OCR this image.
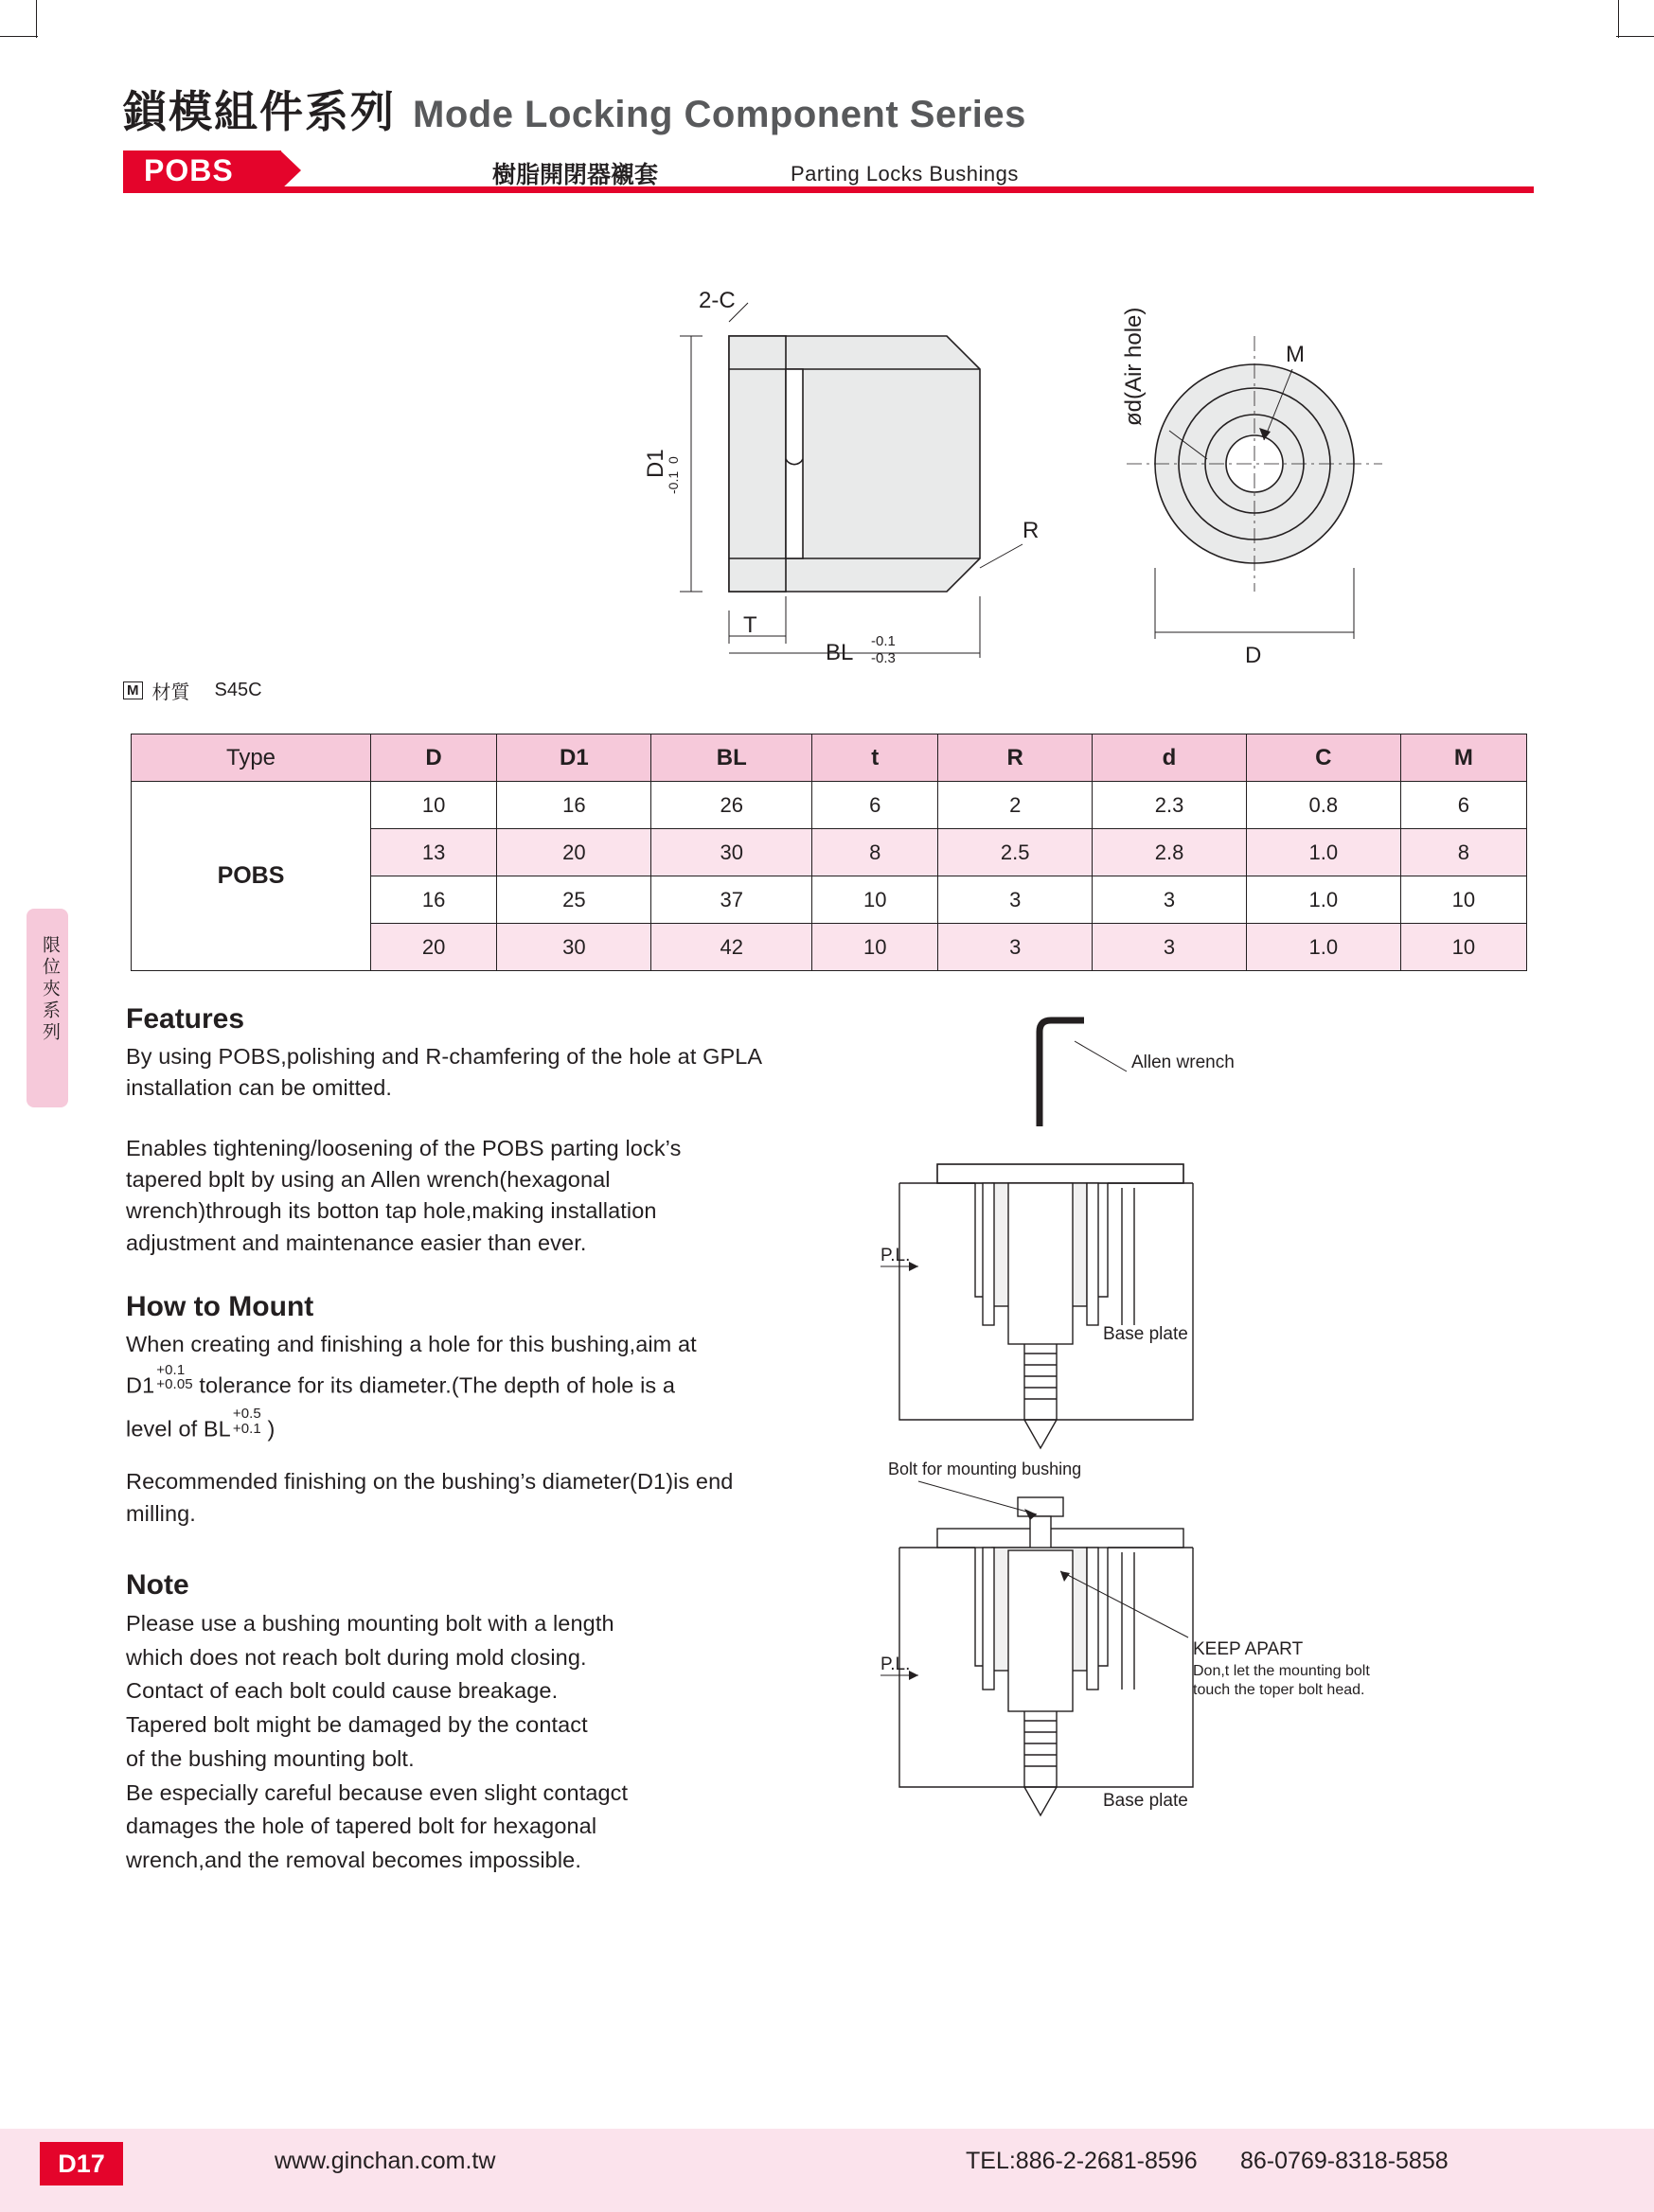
鎖模組件系列 Mode Locking Component Series
POBS	樹脂開閉器襯套	Parting Locks Bushings
限位夾系列
2-C
D1
0
-0.1
T
BL -0.1
-0.3
R
ød(Air hole)	M
D
M 材質 S45C
Type	D	D1	BL	t	R	d	C	M
POBS	10	16	26	6	2	2.3	0.8	6
	13	20	30	8	2.5	2.8	1.0	8
	16	25	37	10	3	3	1.0	10
	20	30	42	10	3	3	1.0	10
Features

By using POBS,polishing and R-chamfering of the hole at GPLA installation can be omitted.

Enables tightening/loosening of the POBS parting lock’s tapered bplt by using an Allen wrench(hexagonal wrench)through its botton tap hole,making installation adjustment and maintenance easier than ever.

How to Mount

When creating and finishing a hole for this bushing,aim at

D1
+0.1
+0.05 tolerance for its diameter.(The depth of hole is a

level of BL
+0.5
+0.1 )

Recommended finishing on the bushing’s diameter(D1)is end milling.

Note

Please use a bushing mounting bolt with a length

which does not reach bolt during mold closing.

Contact of each bolt could cause breakage.

Tapered bolt might be damaged by the contact

of the bushing mounting bolt.

Be especially careful because even slight contagct

damages the hole of tapered bolt for hexagonal

wrench,and the removal becomes impossible.

Allen wrench
P.L.
Base plate
Bolt for mounting bushing
KEEP APART
Don,t let the mounting bolt
touch the toper bolt head.
P.L.
Base plate
D17	www.ginchan.com.tw	TEL:886-2-2681-8596 86-0769-8318-5858
